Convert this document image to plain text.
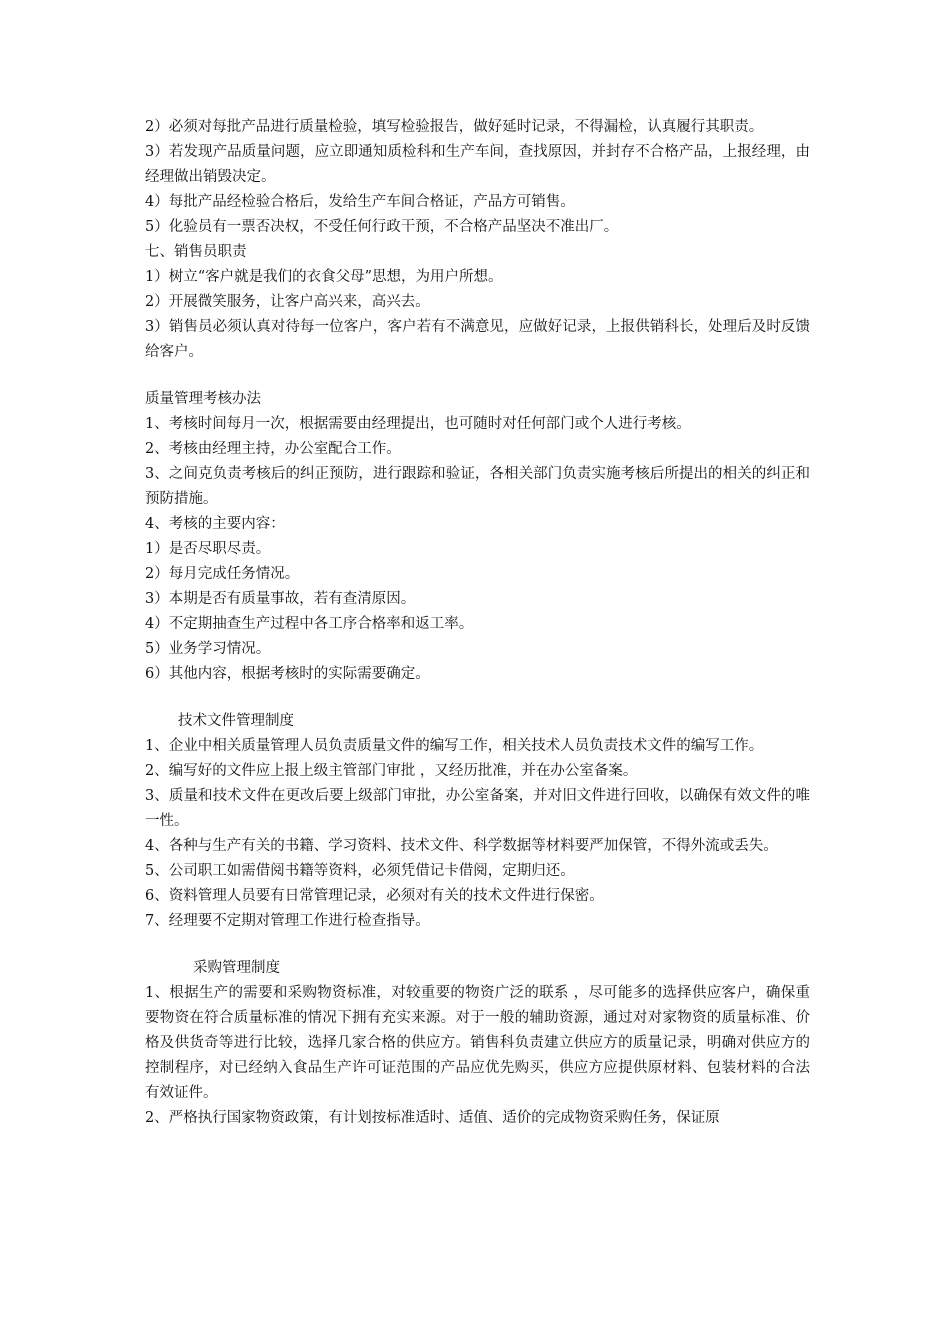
2）必须对每批产品进行质量检验，填写检验报告，做好延时记录，不得漏检，认真履行其职责。

3）若发现产品质量问题，应立即通知质检科和生产车间，查找原因，并封存不合格产品，上报经理，由经理做出销毁决定。

4）每批产品经检验合格后，发给生产车间合格证，产品方可销售。

5）化验员有一票否决权，不受任何行政干预，不合格产品坚决不准出厂。

七、销售员职责

1）树立“客户就是我们的衣食父母”思想，为用户所想。

2）开展微笑服务，让客户高兴来，高兴去。

3）销售员必须认真对待每一位客户，客户若有不满意见，应做好记录，上报供销科长，处理后及时反馈给客户。

质量管理考核办法

1、考核时间每月一次，根据需要由经理提出，也可随时对任何部门或个人进行考核。

2、考核由经理主持，办公室配合工作。

3、之间克负责考核后的纠正预防，进行跟踪和验证，各相关部门负责实施考核后所提出的相关的纠正和预防措施。

4、考核的主要内容：

1）是否尽职尽责。

2）每月完成任务情况。

3）本期是否有质量事故，若有查清原因。

4）不定期抽查生产过程中各工序合格率和返工率。

5）业务学习情况。

6）其他内容，根据考核时的实际需要确定。

技术文件管理制度

1、企业中相关质量管理人员负责质量文件的编写工作，相关技术人员负责技术文件的编写工作。

2、编写好的文件应上报上级主管部门审批 ，又经历批准，并在办公室备案。

3、质量和技术文件在更改后要上级部门审批，办公室备案，并对旧文件进行回收，以确保有效文件的唯一性。

4、各种与生产有关的书籍、学习资料、技术文件、科学数据等材料要严加保管，不得外流或丢失。

5、公司职工如需借阅书籍等资料，必须凭借记卡借阅，定期归还。

6、资料管理人员要有日常管理记录，必须对有关的技术文件进行保密。

7、经理要不定期对管理工作进行检查指导。

采购管理制度

1、根据生产的需要和采购物资标准，对较重要的物资广泛的联系 ，尽可能多的选择供应客户，确保重要物资在符合质量标准的情况下拥有充实来源。对于一般的辅助资源，通过对对家物资的质量标准、价格及供货奇等进行比较，选择几家合格的供应方。销售科负责建立供应方的质量记录，明确对供应方的控制程序，对已经纳入食品生产许可证范围的产品应优先购买，供应方应提供原材料、包装材料的合法有效证件。

2、严格执行国家物资政策，有计划按标准适时、适值、适价的完成物资采购任务，保证原
